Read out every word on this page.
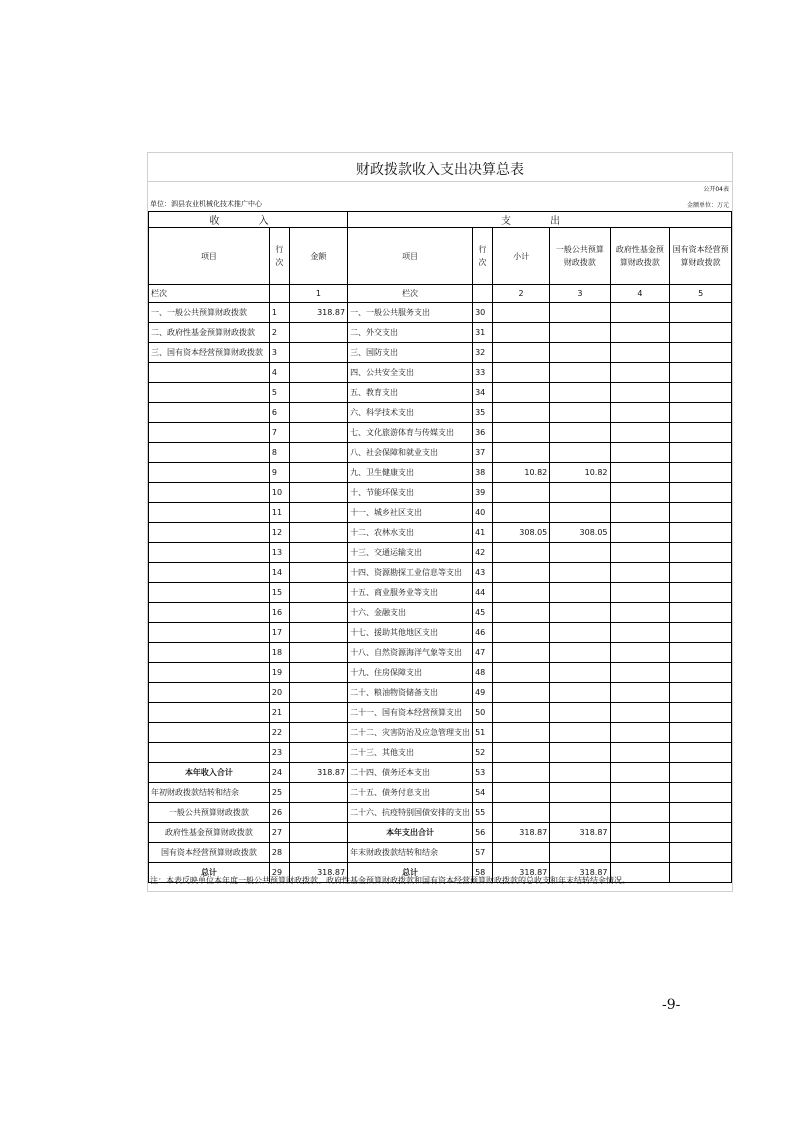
财政拨款收入支出决算总表
公开04表
单位：泗县农业机械化技术推广中心	金额单位：万元
收 入			支 出					
项目	行次	金额	项目	行次	小计	一般公共预算财政拨款	政府性基金预算财政拨款	国有资本经营预算财政拨款
栏次		1	栏次		2	3	4	5
一、一般公共预算财政拨款	1	318.87	一、一般公共服务支出	30				
二、政府性基金预算财政拨款	2		二、外交支出	31				
三、国有资本经营预算财政拨款	3		三、国防支出	32				
	4		四、公共安全支出	33				
	5		五、教育支出	34				
	6		六、科学技术支出	35				
	7		七、文化旅游体育与传媒支出	36				
	8		八、社会保障和就业支出	37				
	9		九、卫生健康支出	38	10.82	10.82		
	10		十、节能环保支出	39				
	11		十一、城乡社区支出	40				
	12		十二、农林水支出	41	308.05	308.05		
	13		十三、交通运输支出	42				
	14		十四、资源勘探工业信息等支出	43				
	15		十五、商业服务业等支出	44				
	16		十六、金融支出	45				
	17		十七、援助其他地区支出	46				
	18		十八、自然资源海洋气象等支出	47				
	19		十九、住房保障支出	48				
	20		二十、粮油物资储备支出	49				
	21		二十一、国有资本经营预算支出	50				
	22		二十二、灾害防治及应急管理支出	51				
	23		二十三、其他支出	52				
本年收入合计	24	318.87	二十四、债务还本支出	53				
年初财政拨款结转和结余	25		二十五、债务付息支出	54				
一般公共预算财政拨款	26		二十六、抗疫特别国债安排的支出	55				
政府性基金预算财政拨款	27		本年支出合计	56	318.87	318.87		
国有资本经营预算财政拨款	28		年末财政拨款结转和结余	57				
总计	29	318.87	总计	58	318.87	318.87		
注：本表反映单位本年度一般公共预算财政拨款、政府性基金预算财政拨款和国有资本经营预算财政拨款的总收支和年末结转结余情况。
-9-
